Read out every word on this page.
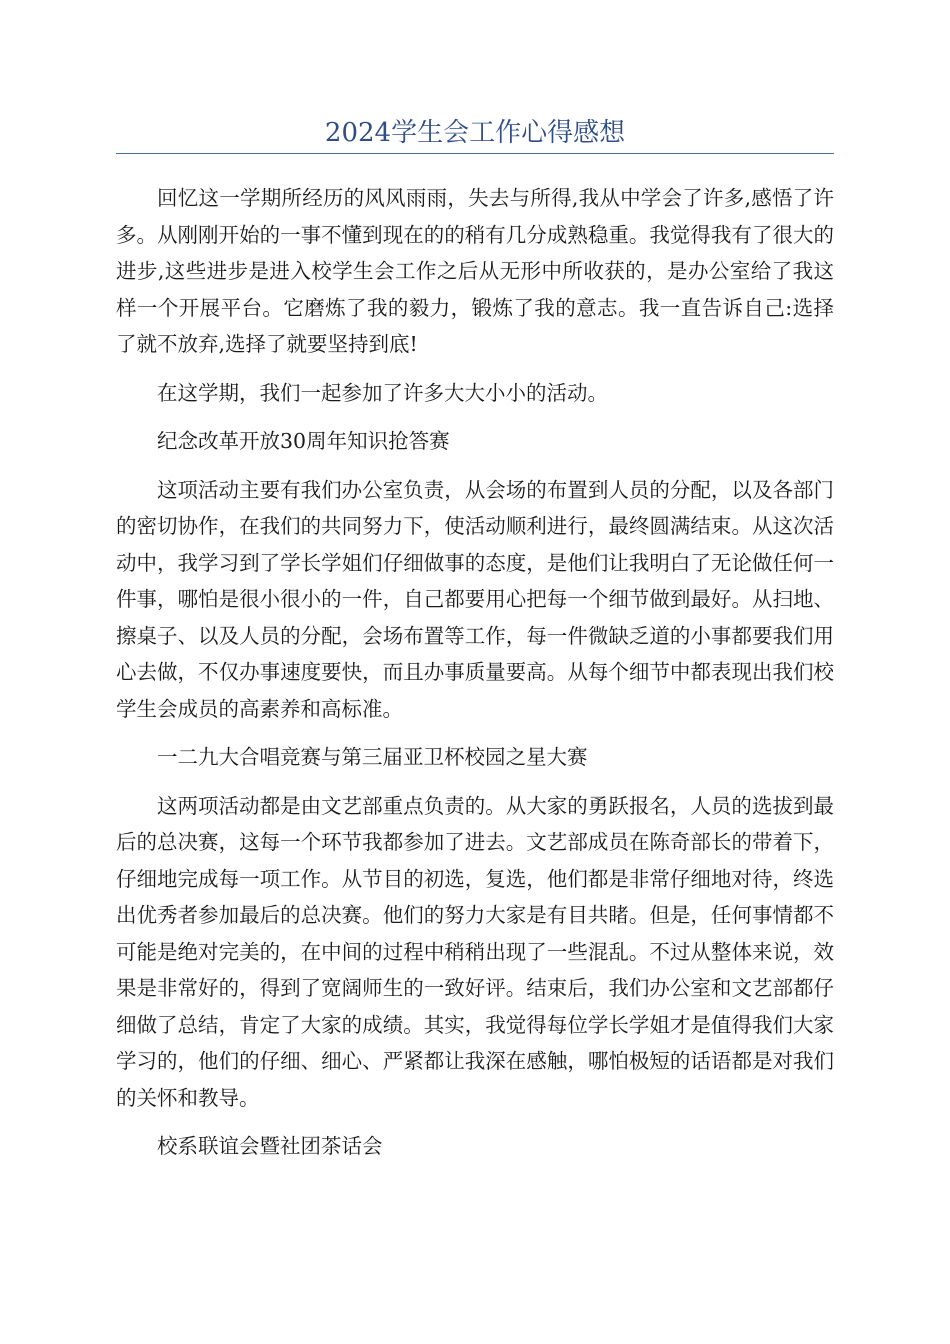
2024学生会工作心得感想

回忆这一学期所经历的风风雨雨，失去与所得,我从中学会了许多,感悟了许多。从刚刚开始的一事不懂到现在的的稍有几分成熟稳重。我觉得我有了很大的进步,这些进步是进入校学生会工作之后从无形中所收获的，是办公室给了我这样一个开展平台。它磨炼了我的毅力，锻炼了我的意志。我一直告诉自己:选择了就不放弃,选择了就要坚持到底!

在这学期，我们一起参加了许多大大小小的活动。

纪念改革开放30周年知识抢答赛

这项活动主要有我们办公室负责，从会场的布置到人员的分配，以及各部门的密切协作，在我们的共同努力下，使活动顺利进行，最终圆满结束。从这次活动中，我学习到了学长学姐们仔细做事的态度，是他们让我明白了无论做任何一件事，哪怕是很小很小的一件，自己都要用心把每一个细节做到最好。从扫地、擦桌子、以及人员的分配，会场布置等工作，每一件微缺乏道的小事都要我们用心去做，不仅办事速度要快，而且办事质量要高。从每个细节中都表现出我们校学生会成员的高素养和高标准。

一二九大合唱竞赛与第三届亚卫杯校园之星大赛

这两项活动都是由文艺部重点负责的。从大家的勇跃报名，人员的选拔到最后的总决赛，这每一个环节我都参加了进去。文艺部成员在陈奇部长的带着下，仔细地完成每一项工作。从节目的初选，复选，他们都是非常仔细地对待，终选出优秀者参加最后的总决赛。他们的努力大家是有目共睹。但是，任何事情都不可能是绝对完美的，在中间的过程中稍稍出现了一些混乱。不过从整体来说，效果是非常好的，得到了宽阔师生的一致好评。结束后，我们办公室和文艺部都仔细做了总结，肯定了大家的成绩。其实，我觉得每位学长学姐才是值得我们大家学习的，他们的仔细、细心、严紧都让我深在感触，哪怕极短的话语都是对我们的关怀和教导。

校系联谊会暨社团茶话会
